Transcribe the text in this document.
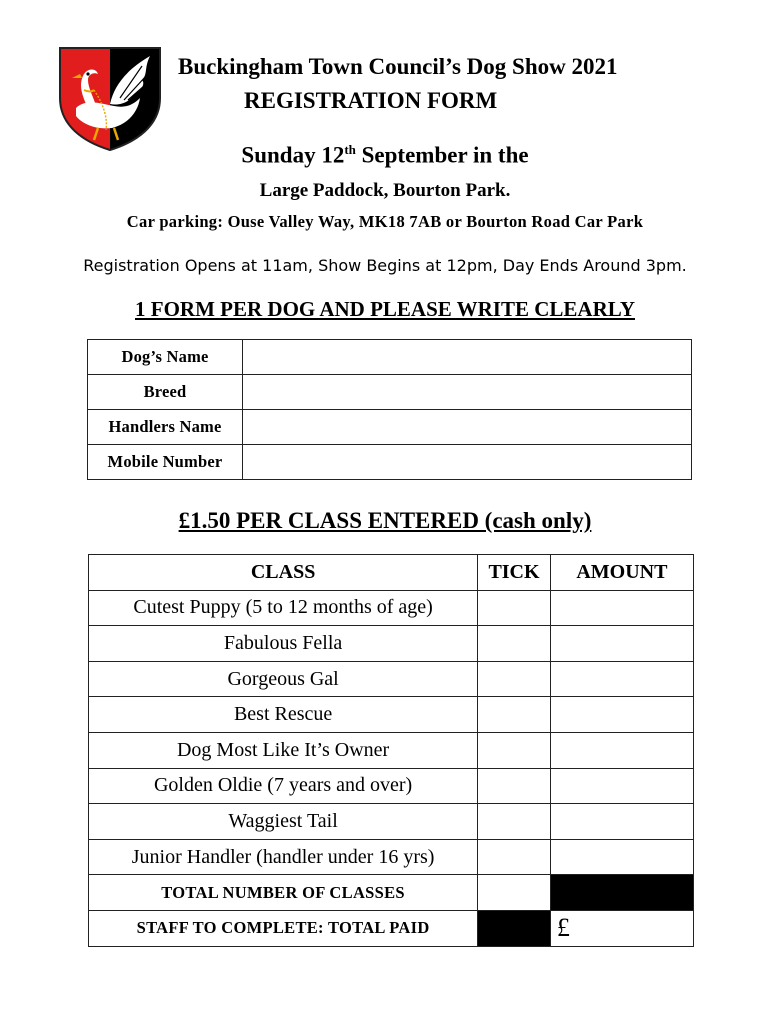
Buckingham Town Council’s Dog Show 2021
REGISTRATION FORM
Sunday 12th September in the
Large Paddock, Bourton Park.
Car parking: Ouse Valley Way, MK18 7AB or Bourton Road Car Park
Registration Opens at 11am, Show Begins at 12pm, Day Ends Around 3pm.
1 FORM PER DOG AND PLEASE WRITE CLEARLY
Dog’s Name	
Breed	
Handlers Name	
Mobile Number	
£1.50 PER CLASS ENTERED (cash only)
CLASS	TICK	AMOUNT
Cutest Puppy (5 to 12 months of age)		
Fabulous Fella		
Gorgeous Gal		
Best Rescue		
Dog Most Like It’s Owner		
Golden Oldie (7 years and over)		
Waggiest Tail		
Junior Handler (handler under 16 yrs)		
TOTAL NUMBER OF CLASSES		
STAFF TO COMPLETE: TOTAL PAID		£
